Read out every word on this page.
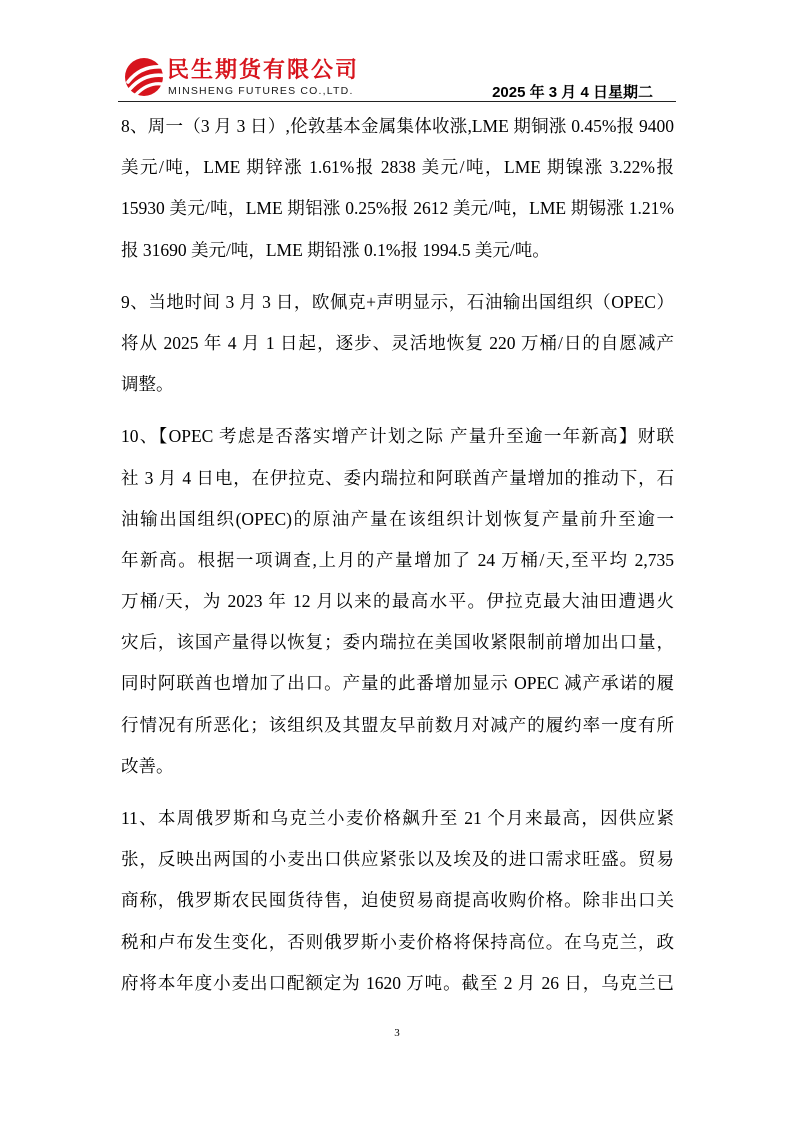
民生期货有限公司
MINSHENG FUTURES CO.,LTD.	2025 年 3 月 4 日星期二
8、周一（3 月 3 日）,伦敦基本金属集体收涨,LME 期铜涨 0.45%报 9400
美元/吨，LME 期锌涨 1.61%报 2838 美元/吨，LME 期镍涨 3.22%报
15930 美元/吨，LME 期铝涨 0.25%报 2612 美元/吨，LME 期锡涨 1.21%
报 31690 美元/吨，LME 期铅涨 0.1%报 1994.5 美元/吨。
9、当地时间 3 月 3 日，欧佩克+声明显示，石油输出国组织（OPEC）
将从 2025 年 4 月 1 日起，逐步、灵活地恢复 220 万桶/日的自愿减产
调整。
10、【OPEC 考虑是否落实增产计划之际 产量升至逾一年新高】财联
社 3 月 4 日电，在伊拉克、委内瑞拉和阿联酋产量增加的推动下，石
油输出国组织(OPEC)的原油产量在该组织计划恢复产量前升至逾一
年新高。根据一项调查,上月的产量增加了 24 万桶/天,至平均 2,735
万桶/天，为 2023 年 12 月以来的最高水平。伊拉克最大油田遭遇火
灾后，该国产量得以恢复；委内瑞拉在美国收紧限制前增加出口量，
同时阿联酋也增加了出口。产量的此番增加显示 OPEC 减产承诺的履
行情况有所恶化；该组织及其盟友早前数月对减产的履约率一度有所
改善。
11、本周俄罗斯和乌克兰小麦价格飙升至 21 个月来最高，因供应紧
张，反映出两国的小麦出口供应紧张以及埃及的进口需求旺盛。贸易
商称，俄罗斯农民囤货待售，迫使贸易商提高收购价格。除非出口关
税和卢布发生变化，否则俄罗斯小麦价格将保持高位。在乌克兰，政
府将本年度小麦出口配额定为 1620 万吨。截至 2 月 26 日，乌克兰已
3
